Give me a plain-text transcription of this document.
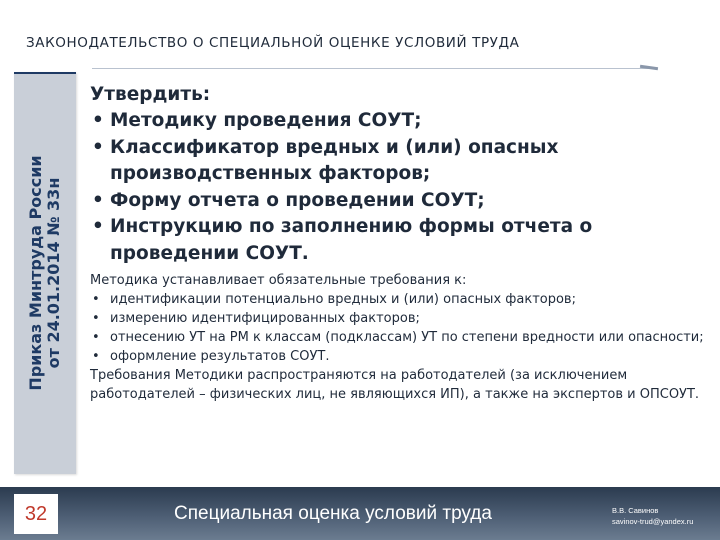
ЗАКОНОДАТЕЛЬСТВО О СПЕЦИАЛЬНОЙ ОЦЕНКЕ УСЛОВИЙ ТРУДА
Приказ Минтруда России от 24.01.2014 № 33н

Утвердить:

• Методику проведения СОУТ;
• Классификатор вредных и (или) опасных производственных факторов;
• Форму отчета о проведении СОУТ;
• Инструкцию по заполнению формы отчета о проведении СОУТ.

Методика устанавливает обязательные требования к:

• идентификации потенциально вредных и (или) опасных факторов;
• измерению идентифицированных факторов;
• отнесению УТ на РМ к классам (подклассам) УТ по степени вредности или опасности;
• оформление результатов СОУТ.

Требования Методики распространяются на работодателей (за исключением работодателей – физических лиц, не являющихся ИП), а также на экспертов и ОПСОУТ.

32	Специальная оценка условий труда	В.В. Савинов
savinov-trud@yandex.ru
